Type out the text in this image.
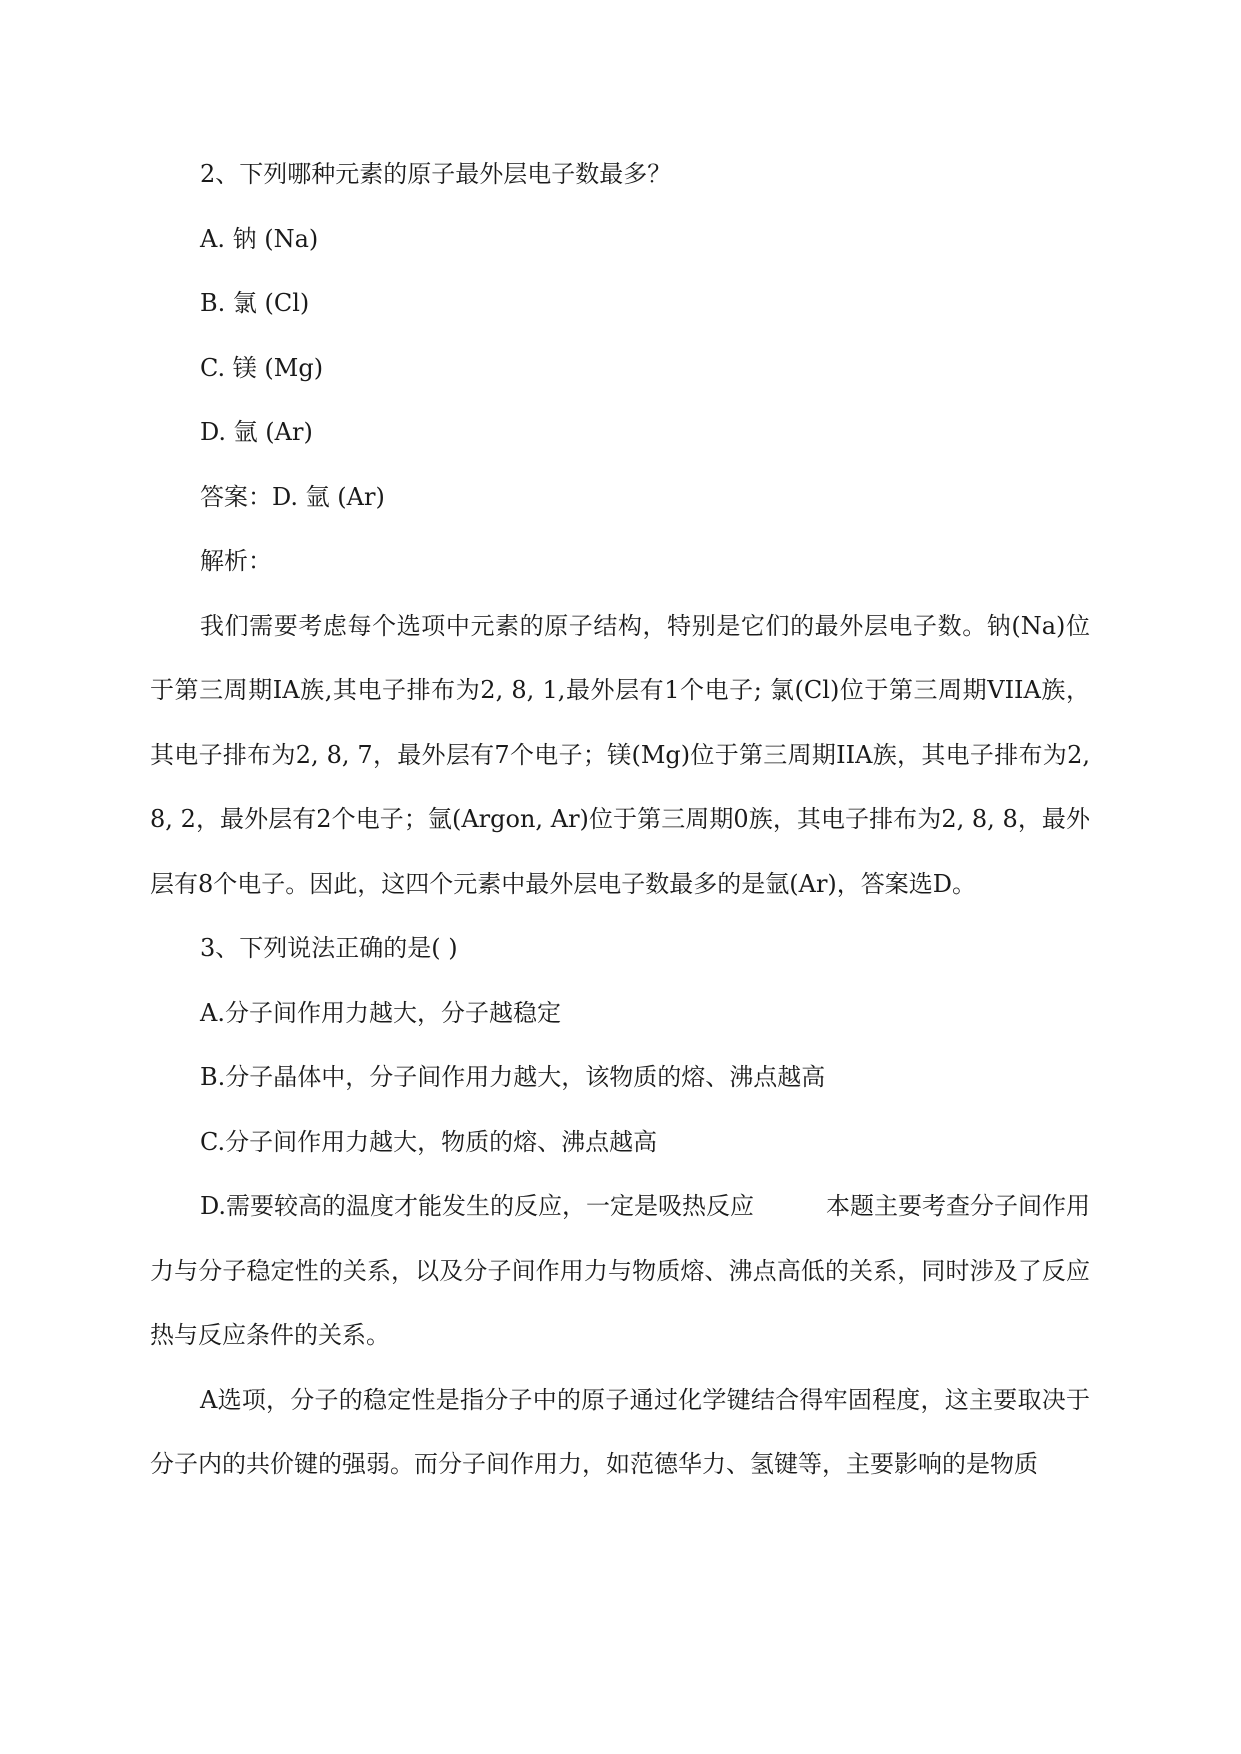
2、下列哪种元素的原子最外层电子数最多？

A. 钠 (Na)

B. 氯 (Cl)

C. 镁 (Mg)

D. 氩 (Ar)

答案：D. 氩 (Ar)

解析：

我们需要考虑每个选项中元素的原子结构，特别是它们的最外层电子数。钠(Na)位于第三周期IA族,其电子排布为2, 8, 1,最外层有1个电子; 氯(Cl)位于第三周期VIIA族，其电子排布为2, 8, 7，最外层有7个电子；镁(Mg)位于第三周期IIA族，其电子排布为2, 8, 2，最外层有2个电子；氩(Argon, Ar)位于第三周期0族，其电子排布为2, 8, 8，最外层有8个电子。因此，这四个元素中最外层电子数最多的是氩(Ar)，答案选D。

3、下列说法正确的是( )

A.分子间作用力越大，分子越稳定

B.分子晶体中，分子间作用力越大，该物质的熔、沸点越高

C.分子间作用力越大，物质的熔、沸点越高

D.需要较高的温度才能发生的反应，一定是吸热反应　　　本题主要考查分子间作用力与分子稳定性的关系，以及分子间作用力与物质熔、沸点高低的关系，同时涉及了反应热与反应条件的关系。

A选项，分子的稳定性是指分子中的原子通过化学键结合得牢固程度，这主要取决于分子内的共价键的强弱。而分子间作用力，如范德华力、氢键等，主要影响的是物质
